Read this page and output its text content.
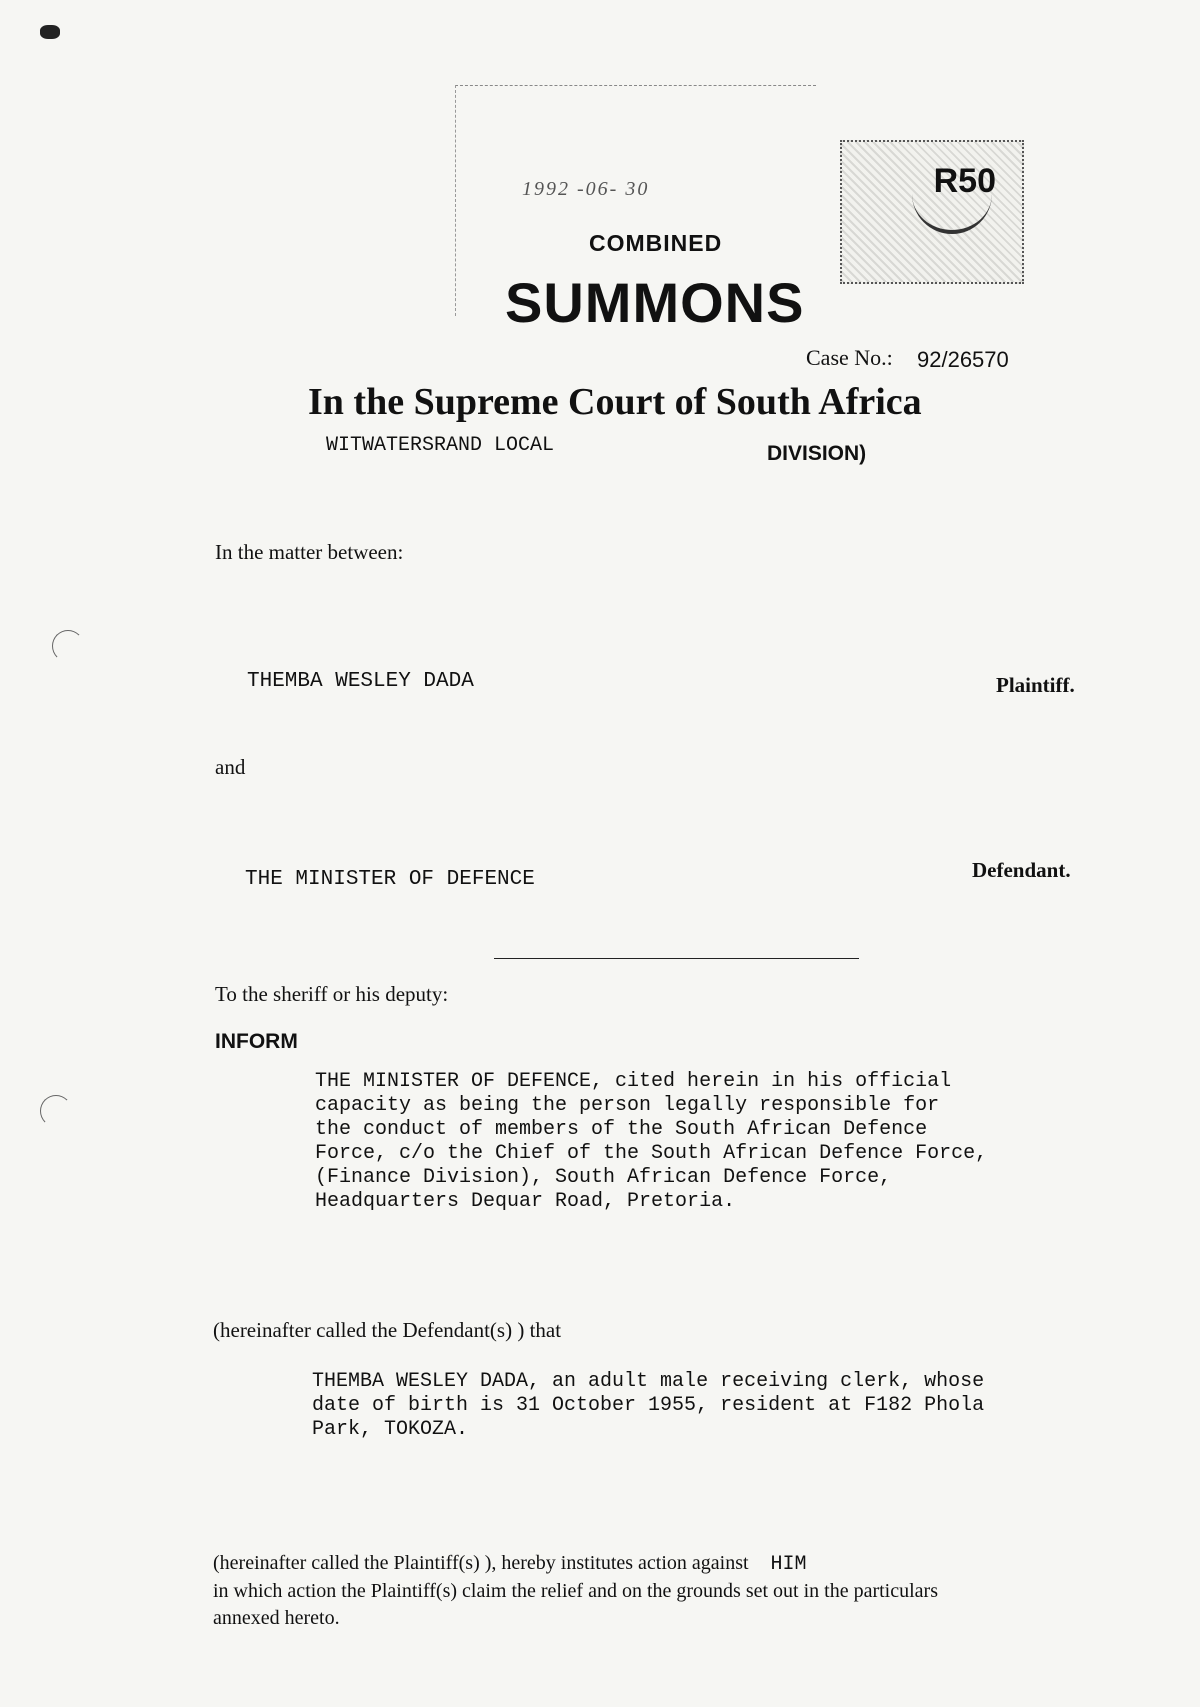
1992 -06- 30	R50
COMBINED
SUMMONS
Case No.: 92/26570
In the Supreme Court of South Africa
WITWATERSRAND LOCAL	DIVISION)
In the matter between:
THEMBA WESLEY DADA	Plaintiff.
and
THE MINISTER OF DEFENCE	Defendant.
To the sheriff or his deputy:
INFORM
THE MINISTER OF DEFENCE, cited herein in his official
capacity as being the person legally responsible for
the conduct of members of the South African Defence
Force, c/o the Chief of the South African Defence Force,
(Finance Division), South African Defence Force,
Headquarters Dequar Road, Pretoria.
(hereinafter called the Defendant(s) ) that
THEMBA WESLEY DADA, an adult male receiving clerk, whose
date of birth is 31 October 1955, resident at F182 Phola
Park, TOKOZA.
(hereinafter called the Plaintiff(s) ), hereby institutes action against HIM
in which action the Plaintiff(s) claim the relief and on the grounds set out in the particulars
annexed hereto.
